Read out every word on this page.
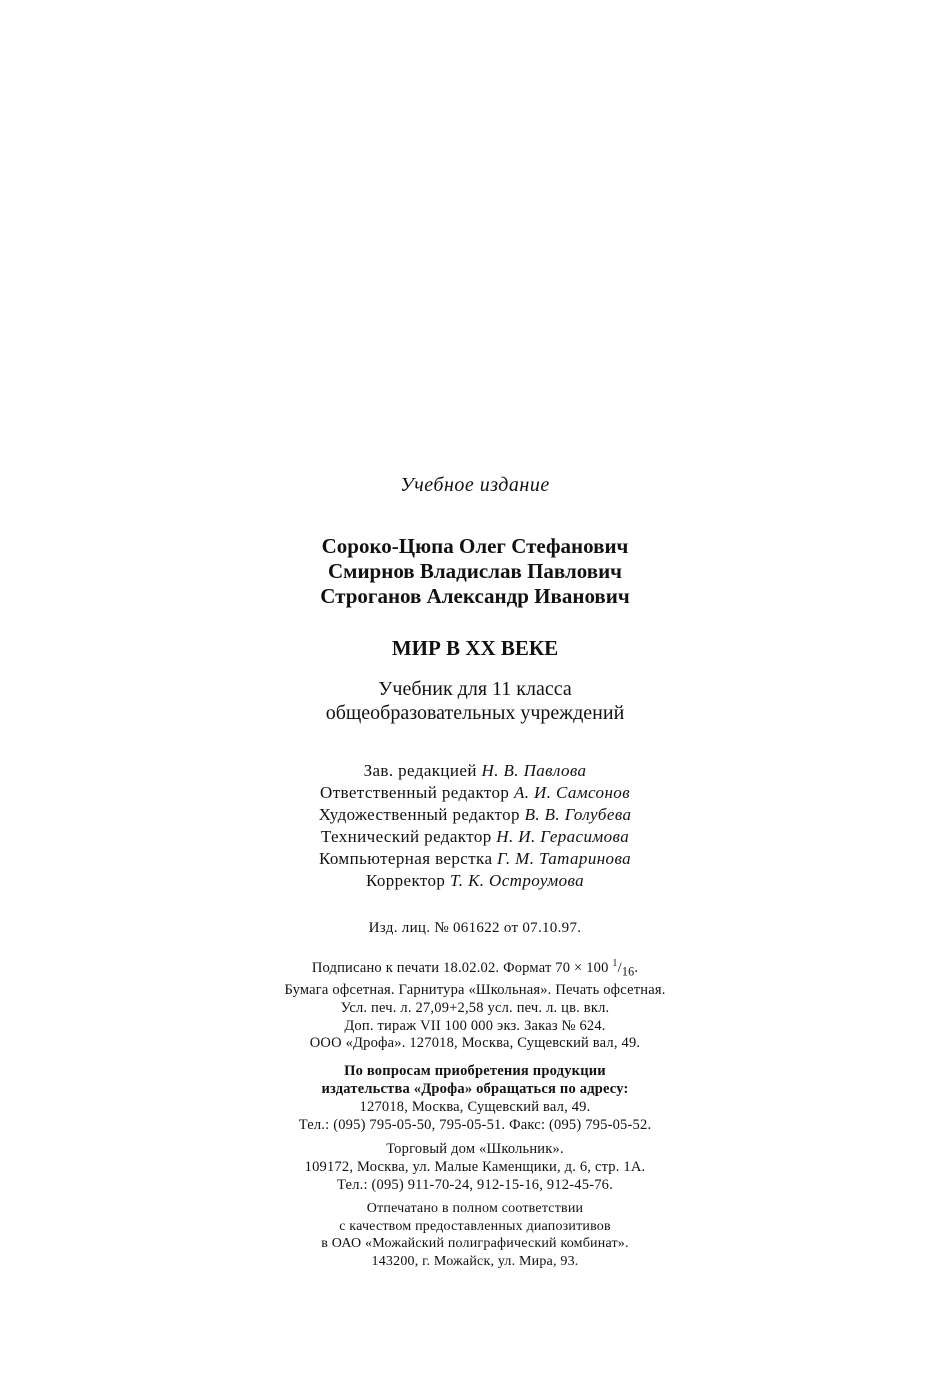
Учебное издание
Сороко-Цюпа Олег Стефанович
Смирнов Владислав Павлович
Строганов Александр Иванович
МИР В XX ВЕКЕ
Учебник для 11 класса
общеобразовательных учреждений
Зав. редакцией Н. В. Павлова
Ответственный редактор А. И. Самсонов
Художественный редактор В. В. Голубева
Технический редактор Н. И. Герасимова
Компьютерная верстка Г. М. Татаринова
Корректор Т. К. Остроумова
Изд. лиц. № 061622 от 07.10.97.
Подписано к печати 18.02.02. Формат 70 × 100 $^1/_{16}$.
Бумага офсетная. Гарнитура «Школьная». Печать офсетная.
Усл. печ. л. 27,09+2,58 усл. печ. л. цв. вкл.
Доп. тираж VII 100 000 экз. Заказ № 624.
ООО «Дрофа». 127018, Москва, Сущевский вал, 49.
По вопросам приобретения продукции
издательства «Дрофа» обращаться по адресу:
127018, Москва, Сущевский вал, 49.
Тел.: (095) 795-05-50, 795-05-51. Факс: (095) 795-05-52.
Торговый дом «Школьник».
109172, Москва, ул. Малые Каменщики, д. 6, стр. 1А.
Тел.: (095) 911-70-24, 912-15-16, 912-45-76.
Отпечатано в полном соответствии
с качеством предоставленных диапозитивов
в ОАО «Можайский полиграфический комбинат».
143200, г. Можайск, ул. Мира, 93.
